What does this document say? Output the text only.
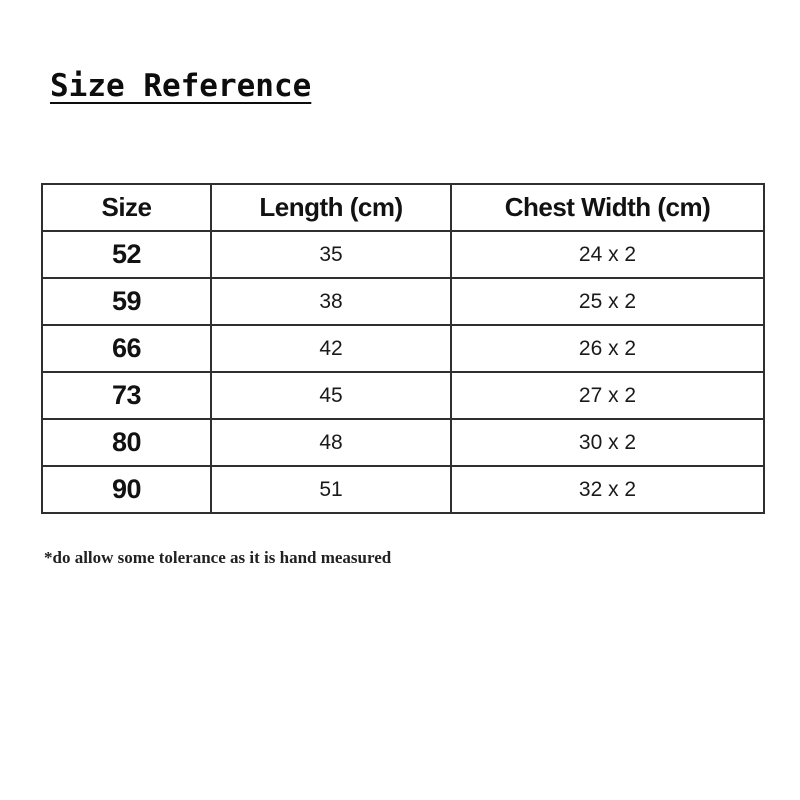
Size Reference
Size	Length (cm)	Chest Width (cm)
52	35	24 x 2
59	38	25 x 2
66	42	26 x 2
73	45	27 x 2
80	48	30 x 2
90	51	32 x 2

*do allow some tolerance as it is hand measured
